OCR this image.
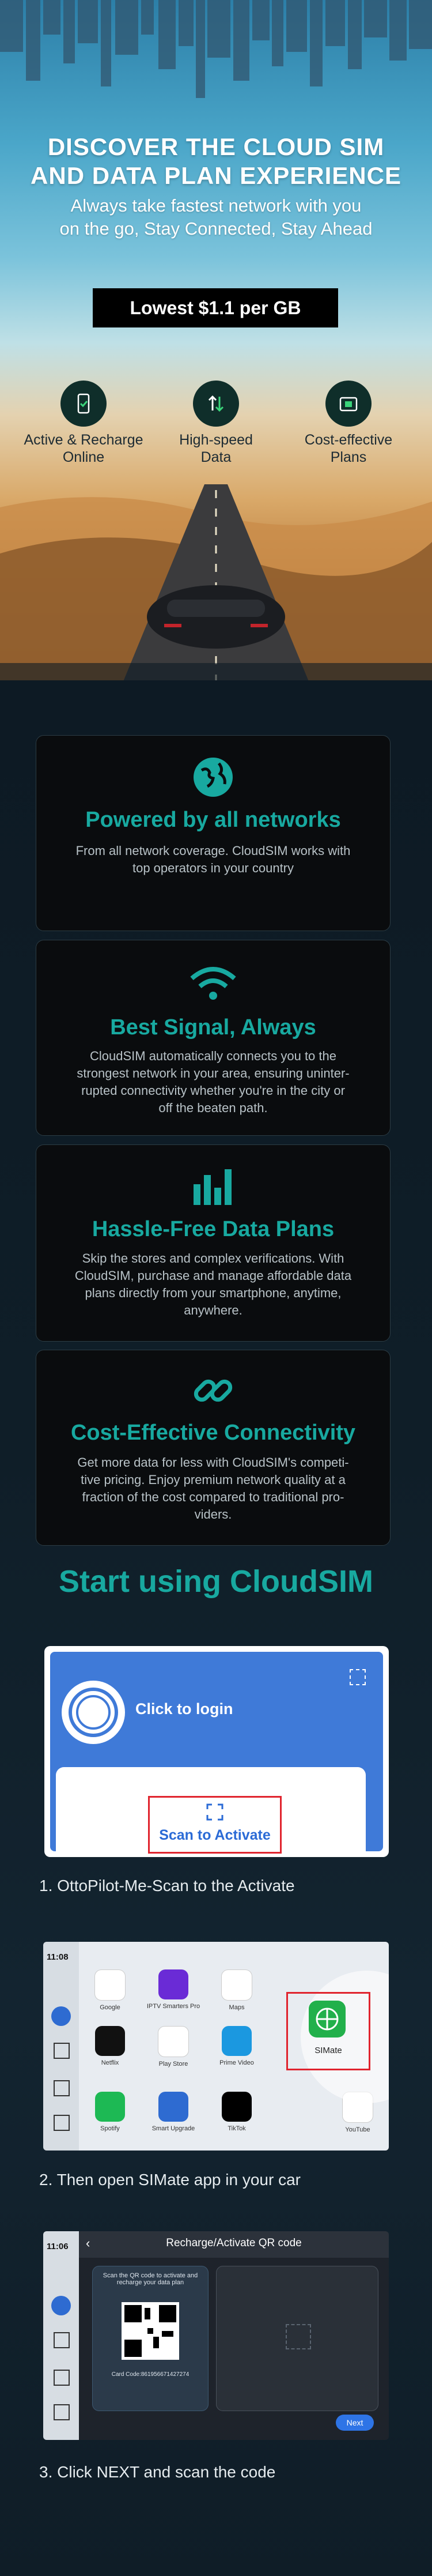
DISCOVER THE CLOUD SIM
AND DATA PLAN EXPERIENCE
Always take fastest network with you
on the go, Stay Connected, Stay Ahead
Lowest $1.1 per GB
Active & Recharge
Online
High-speed
Data
Cost-effective
Plans
Powered by all networks
From all network coverage. CloudSIM works with
top operators in your country
Best Signal, Always
CloudSIM automatically connects you to the
strongest network in your area, ensuring uninter-
rupted connectivity whether you're in the city or
off the beaten path.
Hassle-Free Data Plans
Skip the stores and complex verifications. With
CloudSIM, purchase and manage affordable data
plans directly from your smartphone, anytime,
anywhere.
Cost-Effective Connectivity
Get more data for less with CloudSIM's competi-
tive pricing. Enjoy premium network quality at a
fraction of the cost compared to traditional pro-
viders.
Start using CloudSIM
Click to login
Scan to Activate
1. OttoPilot-Me-Scan to the Activate
11:08
Google	IPTV Smarters Pro	Maps
Netflix	Play Store	Prime Video
Spotify	Smart Upgrade	TikTok	YouTube
SIMate
2. Then open SIMate app in your car
11:06 ‹	Recharge/Activate QR code
Scan the QR code to activate and recharge your data plan
Card Code:861956671427274
Next
3. Click NEXT and scan the code
